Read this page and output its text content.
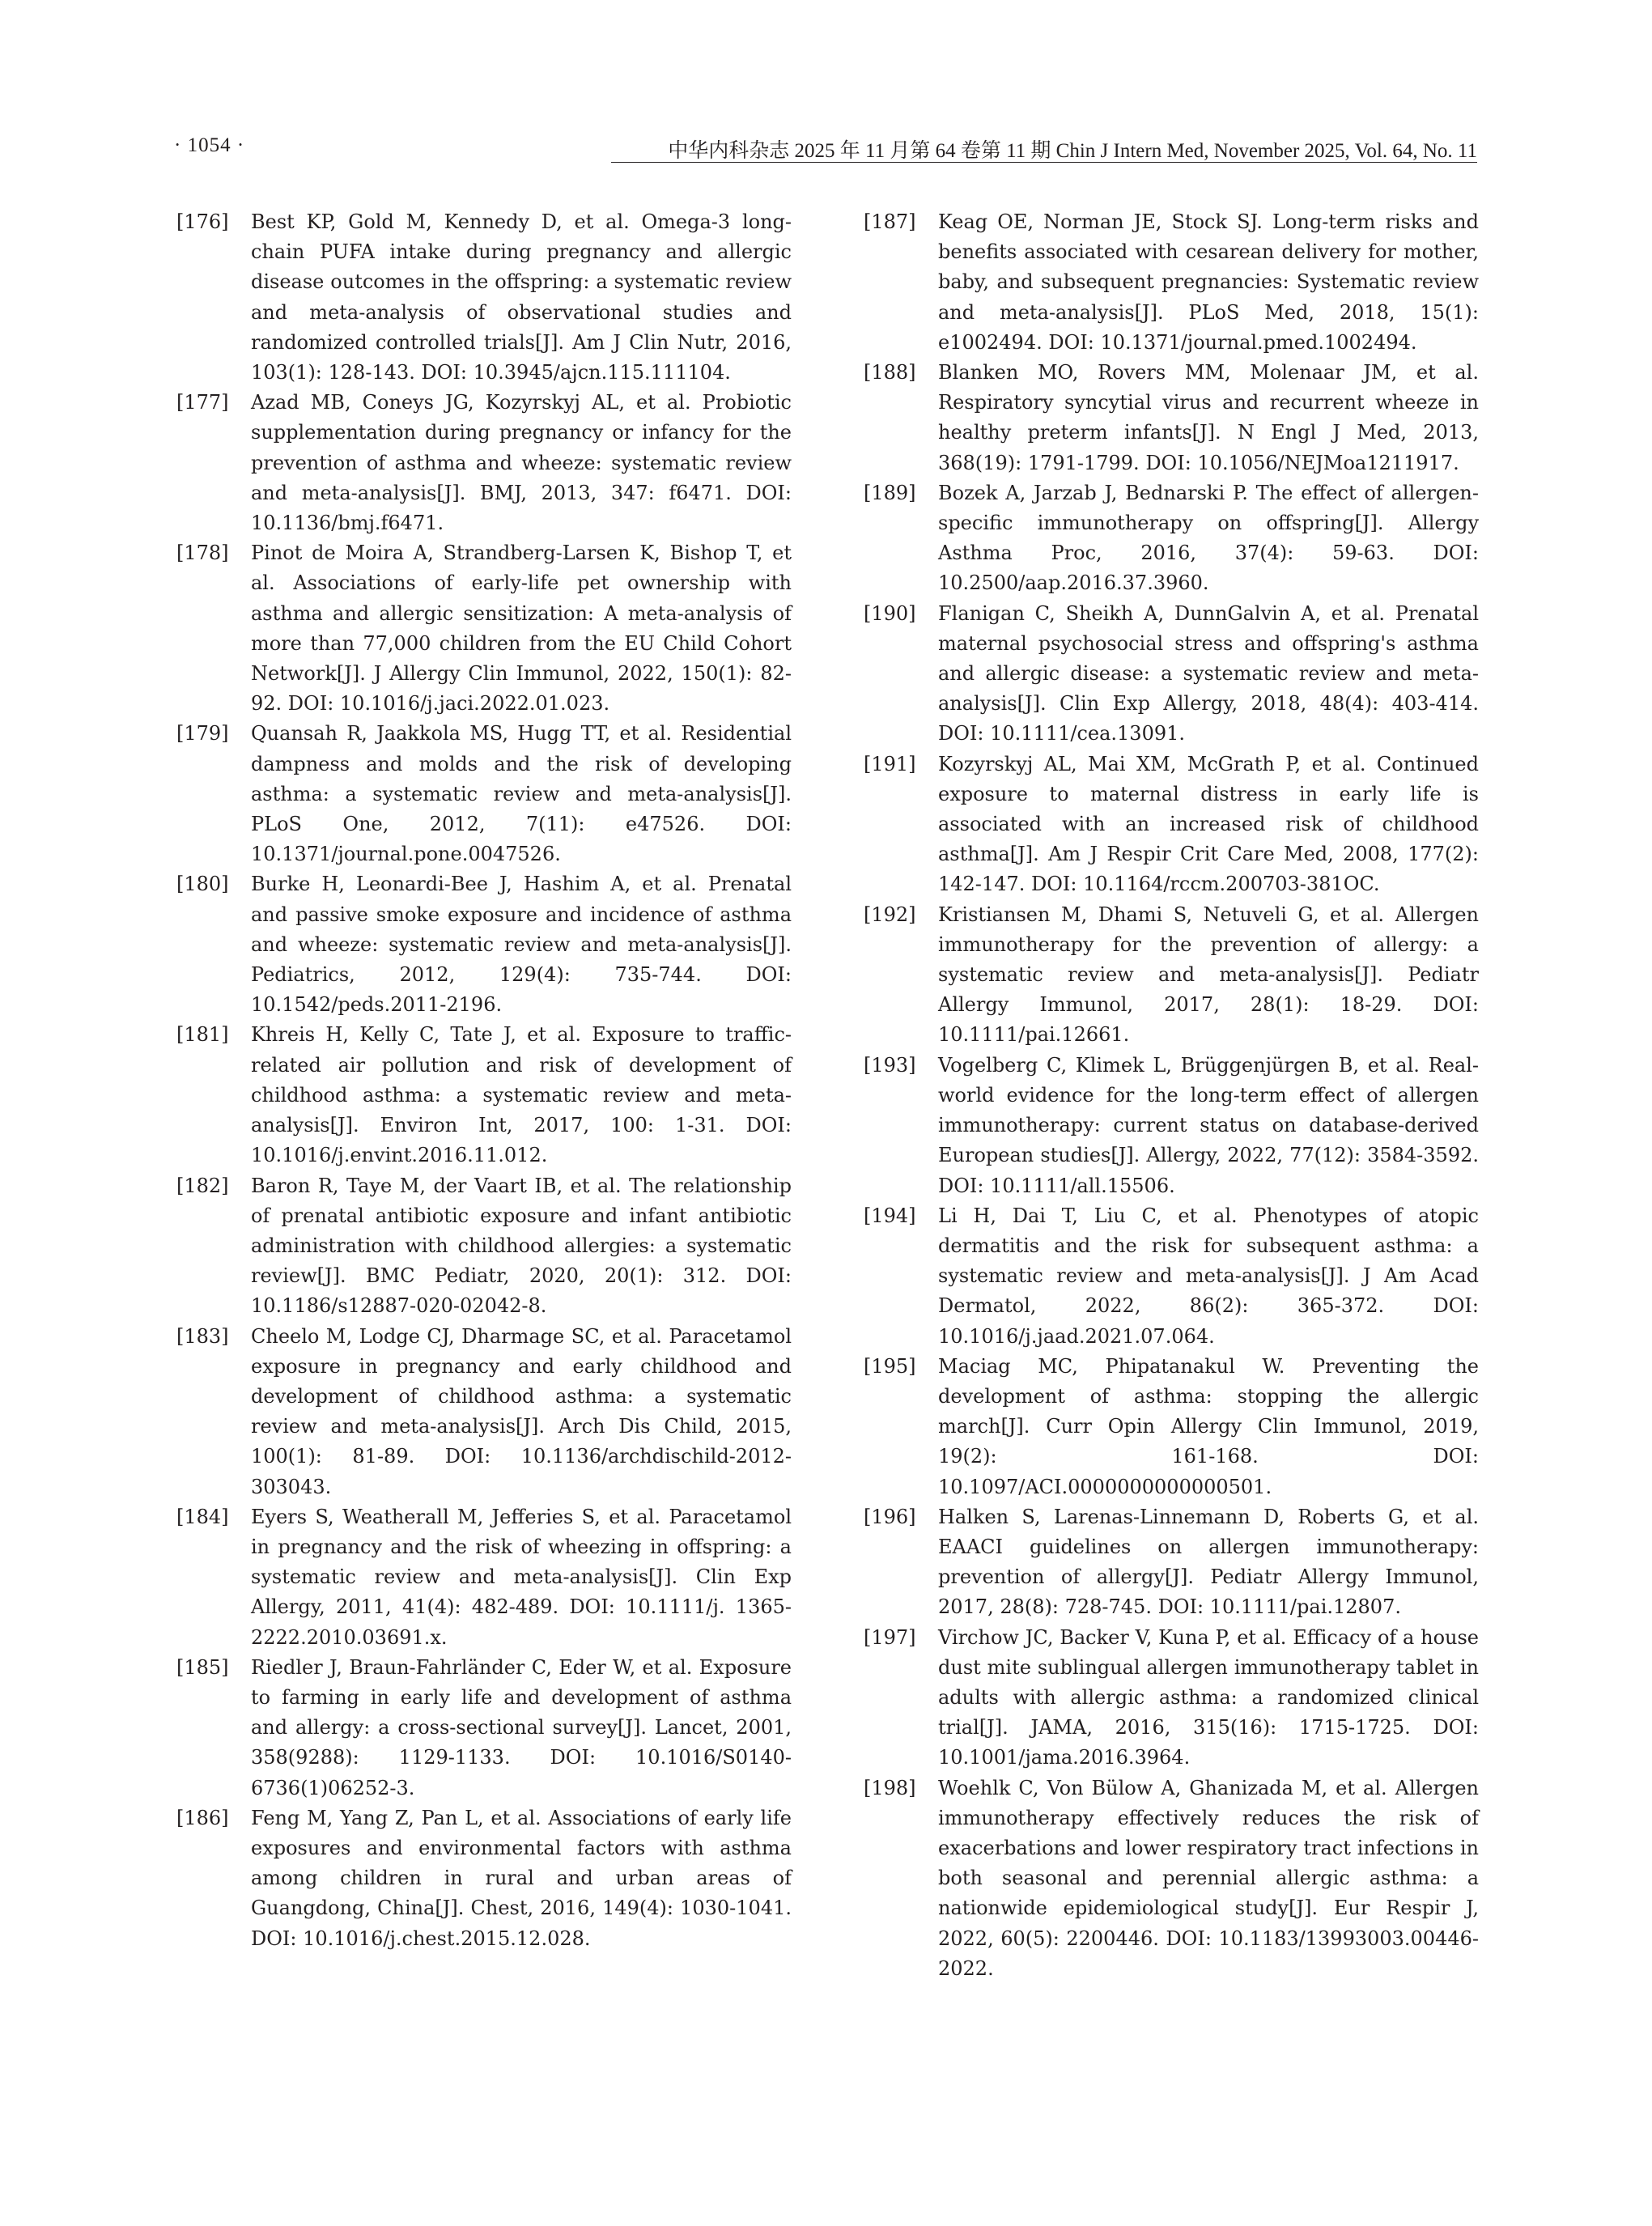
· 1054 ·	中华内科杂志 2025 年 11 月第 64 卷第 11 期 Chin J Intern Med, November 2025, Vol. 64, No. 11
[176]	Best KP, Gold M, Kennedy D, et al. Omega-3 long-chain PUFA intake during pregnancy and allergic disease outcomes in the offspring: a systematic review and meta-analysis of observational studies and randomized controlled trials[J]. Am J Clin Nutr, 2016, 103(1): 128-143. DOI: 10.3945/ajcn.115.111104.
[177]	Azad MB, Coneys JG, Kozyrskyj AL, et al. Probiotic supplementation during pregnancy or infancy for the prevention of asthma and wheeze: systematic review and meta-analysis[J]. BMJ, 2013, 347: f6471. DOI: 10.1136/bmj.f6471.
[178]	Pinot de Moira A, Strandberg-Larsen K, Bishop T, et al. Associations of early-life pet ownership with asthma and allergic sensitization: A meta-analysis of more than 77,000 children from the EU Child Cohort Network[J]. J Allergy Clin Immunol, 2022, 150(1): 82-92. DOI: 10.1016/j.jaci.2022.01.023.
[179]	Quansah R, Jaakkola MS, Hugg TT, et al. Residential dampness and molds and the risk of developing asthma: a systematic review and meta-analysis[J]. PLoS One, 2012, 7(11): e47526. DOI: 10.1371/journal.pone.0047526.
[180]	Burke H, Leonardi-Bee J, Hashim A, et al. Prenatal and passive smoke exposure and incidence of asthma and wheeze: systematic review and meta-analysis[J]. Pediatrics, 2012, 129(4): 735-744. DOI: 10.1542/peds.2011-2196.
[181]	Khreis H, Kelly C, Tate J, et al. Exposure to traffic-related air pollution and risk of development of childhood asthma: a systematic review and meta-analysis[J]. Environ Int, 2017, 100: 1-31. DOI: 10.1016/j.envint.2016.11.012.
[182]	Baron R, Taye M, der Vaart IB, et al. The relationship of prenatal antibiotic exposure and infant antibiotic administration with childhood allergies: a systematic review[J]. BMC Pediatr, 2020, 20(1): 312. DOI: 10.1186/s12887-020-02042-8.
[183]	Cheelo M, Lodge CJ, Dharmage SC, et al. Paracetamol exposure in pregnancy and early childhood and development of childhood asthma: a systematic review and meta-analysis[J]. Arch Dis Child, 2015, 100(1): 81-89. DOI: 10.1136/archdischild-2012-303043.
[184]	Eyers S, Weatherall M, Jefferies S, et al. Paracetamol in pregnancy and the risk of wheezing in offspring: a systematic review and meta-analysis[J]. Clin Exp Allergy, 2011, 41(4): 482-489. DOI: 10.1111/j. 1365-2222.2010.03691.x.
[185]	Riedler J, Braun-Fahrländer C, Eder W, et al. Exposure to farming in early life and development of asthma and allergy: a cross-sectional survey[J]. Lancet, 2001, 358(9288): 1129-1133. DOI: 10.1016/S0140-6736(1)06252-3.
[186]	Feng M, Yang Z, Pan L, et al. Associations of early life exposures and environmental factors with asthma among children in rural and urban areas of Guangdong, China[J]. Chest, 2016, 149(4): 1030-1041. DOI: 10.1016/j.chest.2015.12.028.
[187]	Keag OE, Norman JE, Stock SJ. Long-term risks and benefits associated with cesarean delivery for mother, baby, and subsequent pregnancies: Systematic review and meta-analysis[J]. PLoS Med, 2018, 15(1): e1002494. DOI: 10.1371/journal.pmed.1002494.
[188]	Blanken MO, Rovers MM, Molenaar JM, et al. Respiratory syncytial virus and recurrent wheeze in healthy preterm infants[J]. N Engl J Med, 2013, 368(19): 1791-1799. DOI: 10.1056/NEJMoa1211917.
[189]	Bozek A, Jarzab J, Bednarski P. The effect of allergen-specific immunotherapy on offspring[J]. Allergy Asthma Proc, 2016, 37(4): 59-63. DOI: 10.2500/aap.2016.37.3960.
[190]	Flanigan C, Sheikh A, DunnGalvin A, et al. Prenatal maternal psychosocial stress and offspring's asthma and allergic disease: a systematic review and meta-analysis[J]. Clin Exp Allergy, 2018, 48(4): 403-414. DOI: 10.1111/cea.13091.
[191]	Kozyrskyj AL, Mai XM, McGrath P, et al. Continued exposure to maternal distress in early life is associated with an increased risk of childhood asthma[J]. Am J Respir Crit Care Med, 2008, 177(2): 142-147. DOI: 10.1164/rccm.200703-381OC.
[192]	Kristiansen M, Dhami S, Netuveli G, et al. Allergen immunotherapy for the prevention of allergy: a systematic review and meta-analysis[J]. Pediatr Allergy Immunol, 2017, 28(1): 18-29. DOI: 10.1111/pai.12661.
[193]	Vogelberg C, Klimek L, Brüggenjürgen B, et al. Real-world evidence for the long-term effect of allergen immunotherapy: current status on database-derived European studies[J]. Allergy, 2022, 77(12): 3584-3592. DOI: 10.1111/all.15506.
[194]	Li H, Dai T, Liu C, et al. Phenotypes of atopic dermatitis and the risk for subsequent asthma: a systematic review and meta-analysis[J]. J Am Acad Dermatol, 2022, 86(2): 365-372. DOI: 10.1016/j.jaad.2021.07.064.
[195]	Maciag MC, Phipatanakul W. Preventing the development of asthma: stopping the allergic march[J]. Curr Opin Allergy Clin Immunol, 2019, 19(2): 161-168. DOI: 10.1097/ACI.0000000000000501.
[196]	Halken S, Larenas-Linnemann D, Roberts G, et al. EAACI guidelines on allergen immunotherapy: prevention of allergy[J]. Pediatr Allergy Immunol, 2017, 28(8): 728-745. DOI: 10.1111/pai.12807.
[197]	Virchow JC, Backer V, Kuna P, et al. Efficacy of a house dust mite sublingual allergen immunotherapy tablet in adults with allergic asthma: a randomized clinical trial[J]. JAMA, 2016, 315(16): 1715-1725. DOI: 10.1001/jama.2016.3964.
[198]	Woehlk C, Von Bülow A, Ghanizada M, et al. Allergen immunotherapy effectively reduces the risk of exacerbations and lower respiratory tract infections in both seasonal and perennial allergic asthma: a nationwide epidemiological study[J]. Eur Respir J, 2022, 60(5): 2200446. DOI: 10.1183/13993003.00446-2022.
